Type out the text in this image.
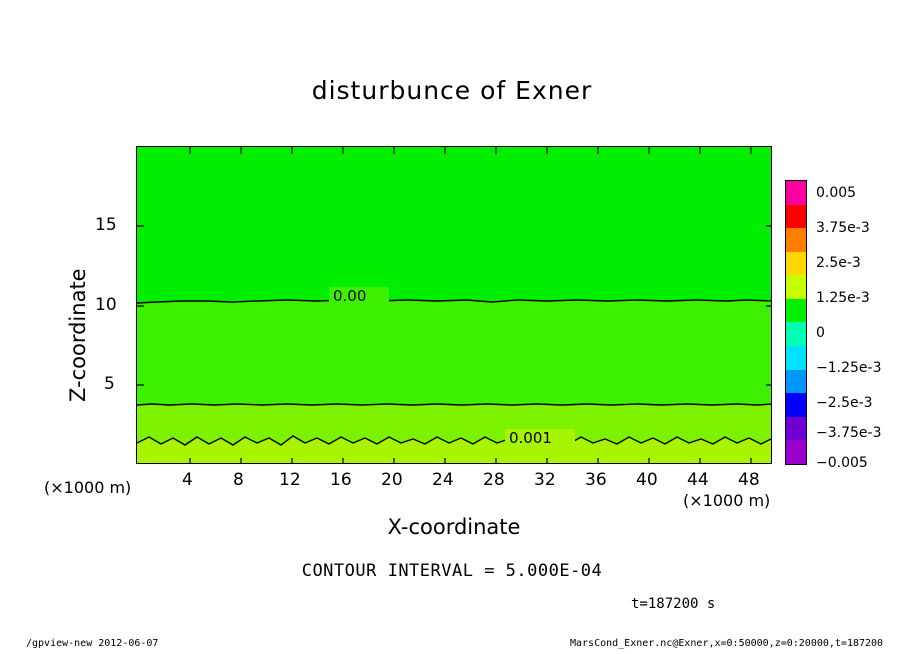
disturbunce of Exner
0.00
0.001
5
10
15
4 8 12 16 20 24 28 32 36 40 44 48
Z-coordinate
X-coordinate
(×1000 m)
(×1000 m)
CONTOUR INTERVAL = 5.000E-04
t=187200 s
0.005
3.75e-3
2.5e-3
1.25e-3
0
−1.25e-3
−2.5e-3
−3.75e-3
−0.005
/gpview-new 2012-06-07	MarsCond_Exner.nc@Exner,x=0:50000,z=0:20000,t=187200
